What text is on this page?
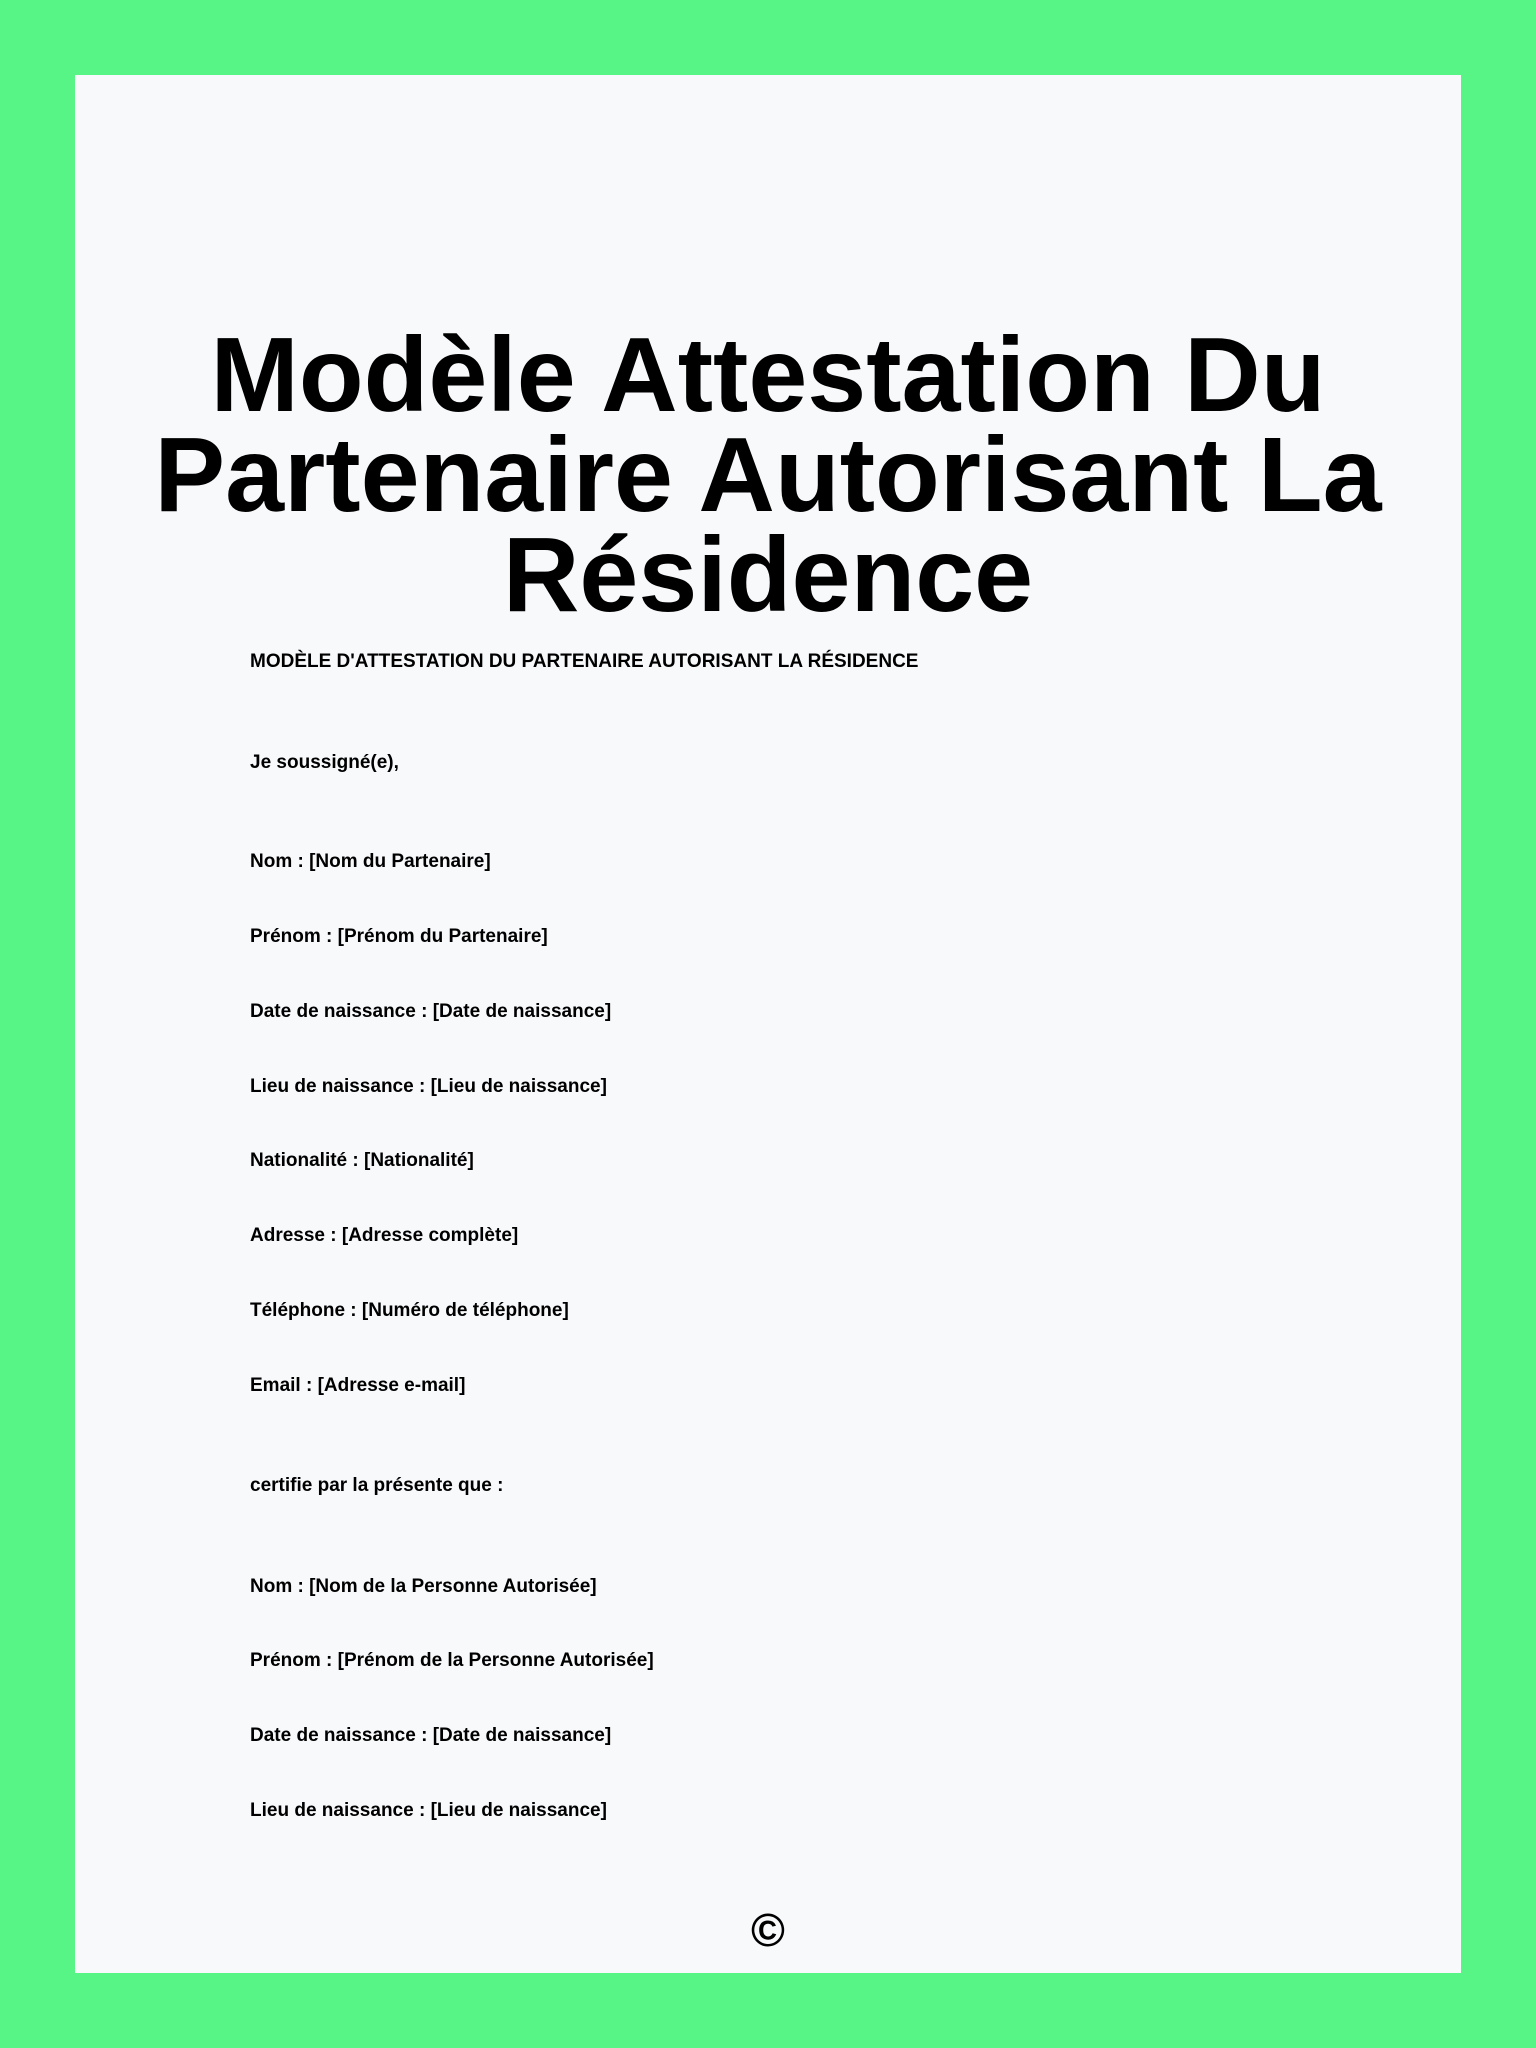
Modèle Attestation Du Partenaire Autorisant La Résidence
MODÈLE D'ATTESTATION DU PARTENAIRE AUTORISANT LA RÉSIDENCE
Je soussigné(e),
Nom : [Nom du Partenaire]
Prénom : [Prénom du Partenaire]
Date de naissance : [Date de naissance]
Lieu de naissance : [Lieu de naissance]
Nationalité : [Nationalité]
Adresse : [Adresse complète]
Téléphone : [Numéro de téléphone]
Email : [Adresse e-mail]
certifie par la présente que :
Nom : [Nom de la Personne Autorisée]
Prénom : [Prénom de la Personne Autorisée]
Date de naissance : [Date de naissance]
Lieu de naissance : [Lieu de naissance]
©
